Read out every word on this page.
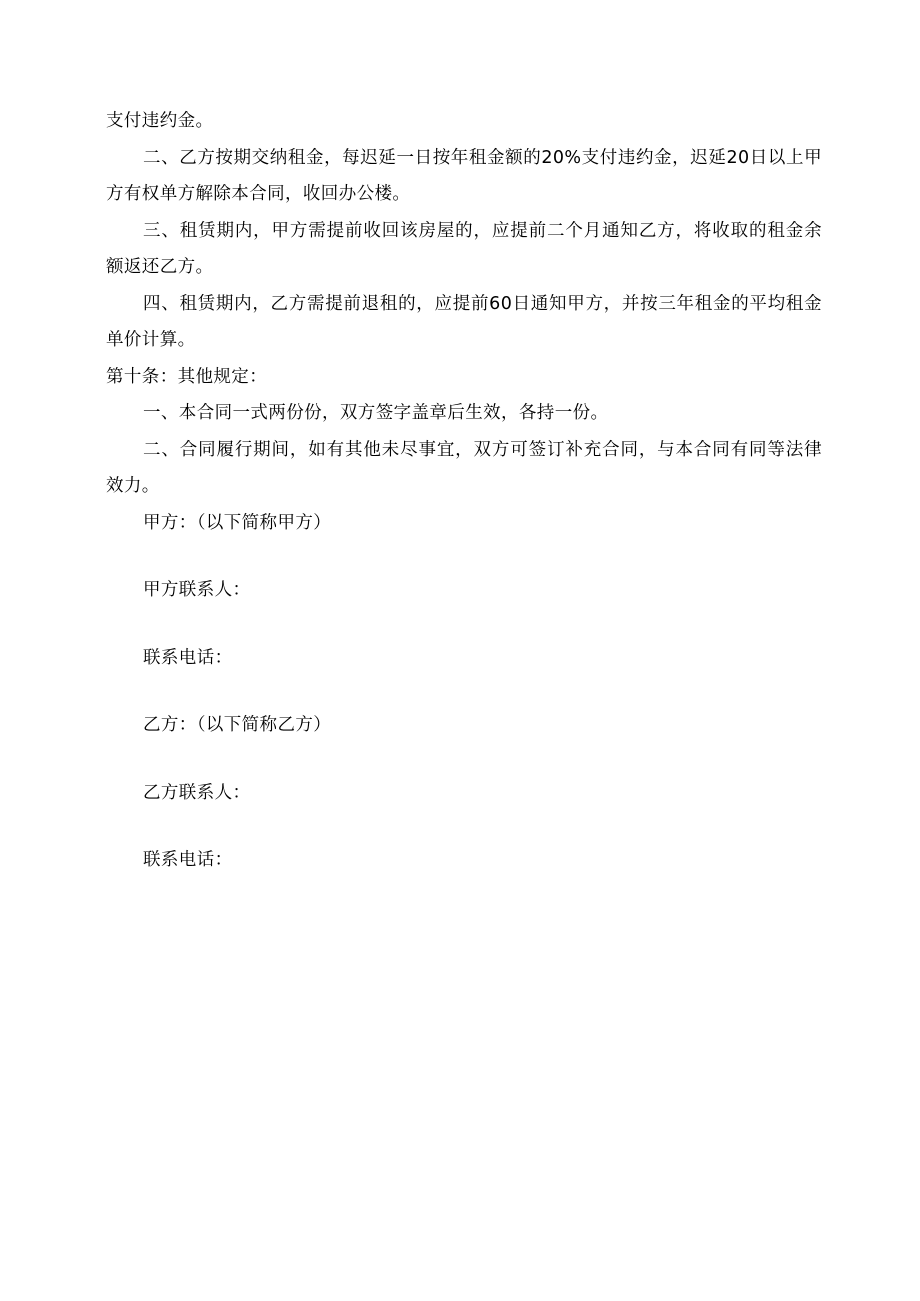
支付违约金。

二、乙方按期交纳租金，每迟延一日按年租金额的20%支付违约金，迟延20日以上甲方有权单方解除本合同，收回办公楼。

三、租赁期内，甲方需提前收回该房屋的，应提前二个月通知乙方，将收取的租金余额返还乙方。

四、租赁期内，乙方需提前退租的，应提前60日通知甲方，并按三年租金的平均租金单价计算。

第十条：其他规定：

一、本合同一式两份份，双方签字盖章后生效，各持一份。

二、合同履行期间，如有其他未尽事宜，双方可签订补充合同，与本合同有同等法律效力。

甲方：（以下简称甲方）

甲方联系人：

联系电话：

乙方：（以下简称乙方）

乙方联系人：

联系电话：
